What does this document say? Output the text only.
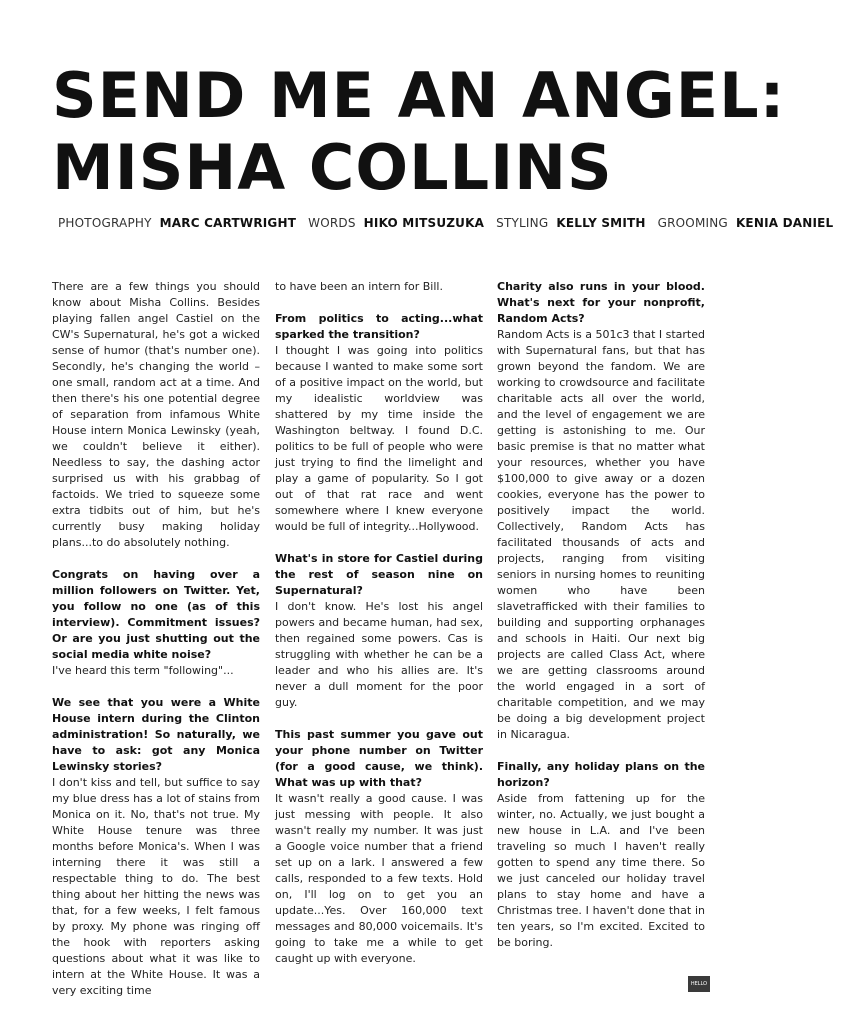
SEND ME AN ANGEL:
MISHA COLLINS
PHOTOGRAPHY MARC CARTWRIGHT WORDS HIKO MITSUZUKA STYLING KELLY SMITH GROOMING KENIA DANIEL

There are a few things you should know about Misha Collins. Besides playing fallen angel Castiel on the CW's Supernatural, he's got a wicked sense of humor (that's number one). Secondly, he's changing the world – one small, random act at a time. And then there's his one potential degree of separation from infamous White House intern Monica Lewinsky (yeah, we couldn't believe it either). Needless to say, the dashing actor surprised us with his grabbag of factoids. We tried to squeeze some extra tidbits out of him, but he's currently busy making holiday plans...to do absolutely nothing.

Congrats on having over a million followers on Twitter. Yet, you follow no one (as of this interview). Commitment issues? Or are you just shutting out the social media white noise?

I've heard this term "following"...

We see that you were a White House intern during the Clinton administration! So naturally, we have to ask: got any Monica Lewinsky stories?

I don't kiss and tell, but suffice to say my blue dress has a lot of stains from Monica on it. No, that's not true. My White House tenure was three months before Monica's. When I was interning there it was still a respectable thing to do. The best thing about her hitting the news was that, for a few weeks, I felt famous by proxy. My phone was ringing off the hook with reporters asking questions about what it was like to intern at the White House. It was a very exciting time

to have been an intern for Bill.

From politics to acting...what sparked the transition?

I thought I was going into politics because I wanted to make some sort of a positive impact on the world, but my idealistic worldview was shattered by my time inside the Washington beltway. I found D.C. politics to be full of people who were just trying to find the limelight and play a game of popularity. So I got out of that rat race and went somewhere where I knew everyone would be full of integrity...Hollywood.

What's in store for Castiel during the rest of season nine on Supernatural?

I don't know. He's lost his angel powers and became human, had sex, then regained some powers. Cas is struggling with whether he can be a leader and who his allies are. It's never a dull moment for the poor guy.

This past summer you gave out your phone number on Twitter (for a good cause, we think). What was up with that?

It wasn't really a good cause. I was just messing with people. It also wasn't really my number. It was just a Google voice number that a friend set up on a lark. I answered a few calls, responded to a few texts. Hold on, I'll log on to get you an update...Yes. Over 160,000 text messages and 80,000 voicemails. It's going to take me a while to get caught up with everyone.

Charity also runs in your blood. What's next for your nonprofit, Random Acts?

Random Acts is a 501c3 that I started with Supernatural fans, but that has grown beyond the fandom. We are working to crowdsource and facilitate charitable acts all over the world, and the level of engagement we are getting is astonishing to me. Our basic premise is that no matter what your resources, whether you have $100,000 to give away or a dozen cookies, everyone has the power to positively impact the world. Collectively, Random Acts has facilitated thousands of acts and projects, ranging from visiting seniors in nursing homes to reuniting women who have been slavetrafficked with their families to building and supporting orphanages and schools in Haiti. Our next big projects are called Class Act, where we are getting classrooms around the world engaged in a sort of charitable competition, and we may be doing a big development project in Nicaragua.

Finally, any holiday plans on the horizon?

Aside from fattening up for the winter, no. Actually, we just bought a new house in L.A. and I've been traveling so much I haven't really gotten to spend any time there. So we just canceled our holiday travel plans to stay home and have a Christmas tree. I haven't done that in ten years, so I'm excited. Excited to be boring.

HELLO
